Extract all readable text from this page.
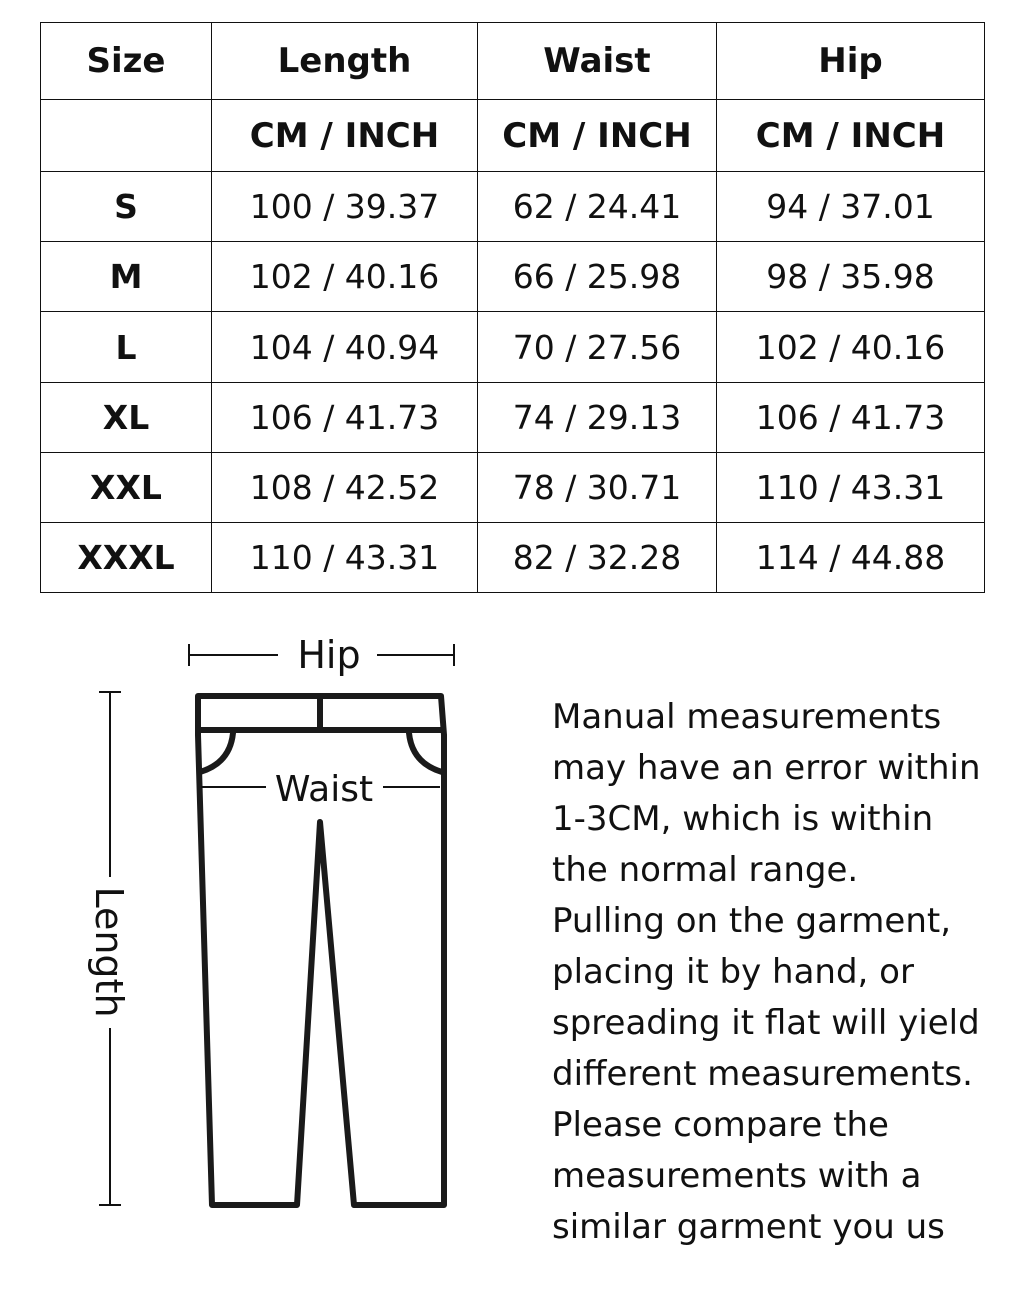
Size	Length	Waist	Hip
	CM / INCH	CM / INCH	CM / INCH
S	100 / 39.37	62 / 24.41	94 / 37.01
M	102 / 40.16	66 / 25.98	98 / 35.98
L	104 / 40.94	70 / 27.56	102 / 40.16
XL	106 / 41.73	74 / 29.13	106 / 41.73
XXL	108 / 42.52	78 / 30.71	110 / 43.31
XXXL	110 / 43.31	82 / 32.28	114 / 44.88
Hip
Length
Waist

Manual measurements
may have an error within
1-3CM, which is within
the normal range.
Pulling on the garment,
placing it by hand, or
spreading it flat will yield
different measurements.
Please compare the
measurements with a
similar garment you us
